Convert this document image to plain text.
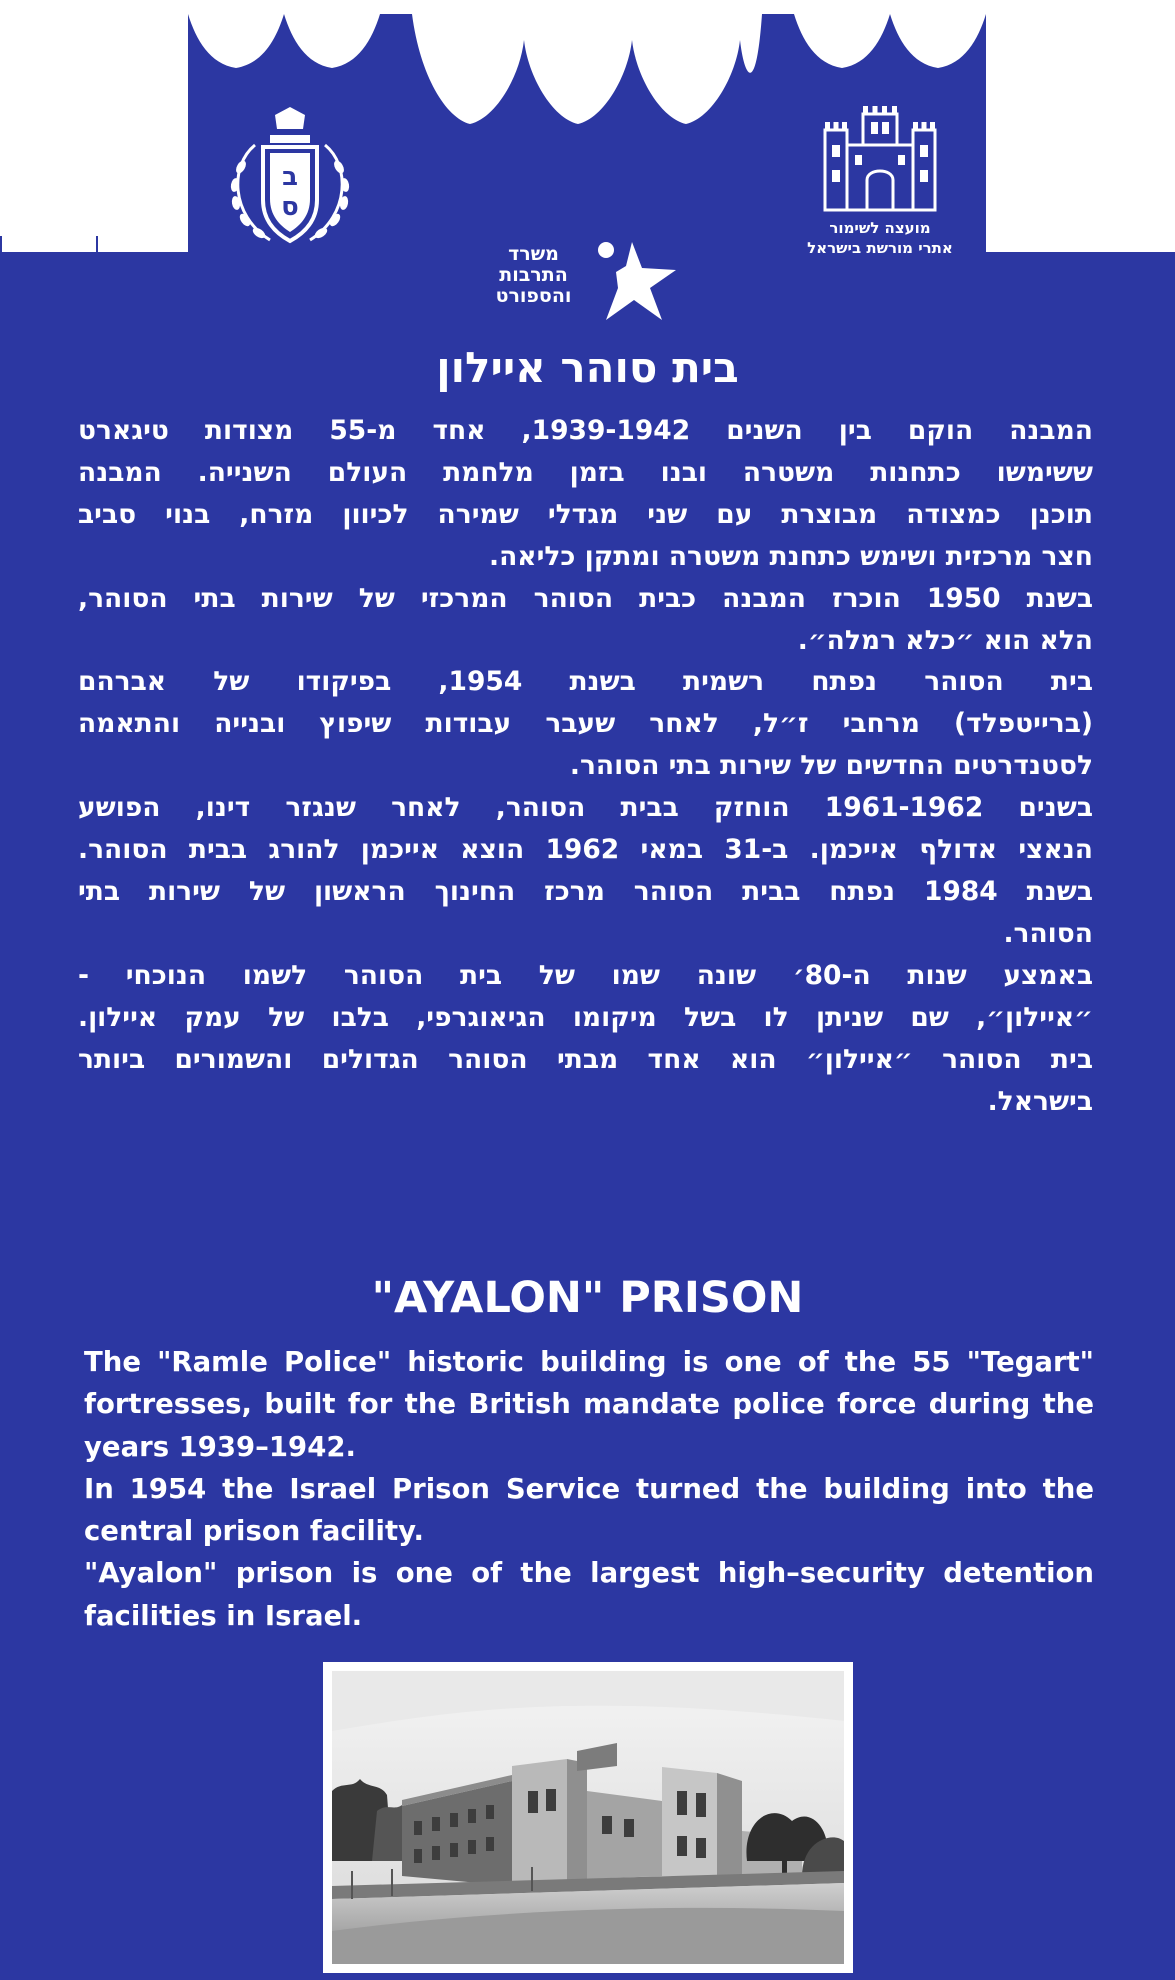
ב
ס
מועצה לשימור
אתרי מורשת בישראל
משרד
התרבות
והספורט
בית סוהר איילון
המבנה הוקם בין השנים 1939-1942, אחד מ-55 מצודות טיגארט
ששימשו כתחנות משטרה ובנו בזמן מלחמת העולם השנייה. המבנה
תוכנן כמצודה מבוצרת עם שני מגדלי שמירה לכיוון מזרח, בנוי סביב
חצר מרכזית ושימש כתחנת משטרה ומתקן כליאה.
בשנת 1950 הוכרז המבנה כבית הסוהר המרכזי של שירות בתי הסוהר,
הלא הוא ״כלא רמלה״.
בית הסוהר נפתח רשמית בשנת 1954, בפיקודו של אברהם
(ברייטפלד) מרחבי ז״ל, לאחר שעבר עבודות שיפוץ ובנייה והתאמה
לסטנדרטים החדשים של שירות בתי הסוהר.
בשנים 1961-1962 הוחזק בבית הסוהר, לאחר שנגזר דינו, הפושע
הנאצי אדולף אייכמן. ב-31 במאי 1962 הוצא אייכמן להורג בבית הסוהר.
בשנת 1984 נפתח בבית הסוהר מרכז החינוך הראשון של שירות בתי
הסוהר.
באמצע שנות ה-80׳ שונה שמו של בית הסוהר לשמו הנוכחי -
״איילון״, שם שניתן לו בשל מיקומו הגיאוגרפי, בלבו של עמק איילון.
בית הסוהר ״איילון״ הוא אחד מבתי הסוהר הגדולים והשמורים ביותר
בישראל.
"AYALON" PRISON
The "Ramle Police" historic building is one of the 55 "Tegart"
fortresses, built for the British mandate police force during the
years 1939–1942.
In 1954 the Israel Prison Service turned the building into the
central prison facility.
"Ayalon" prison is one of the largest high–security detention
facilities in Israel.
